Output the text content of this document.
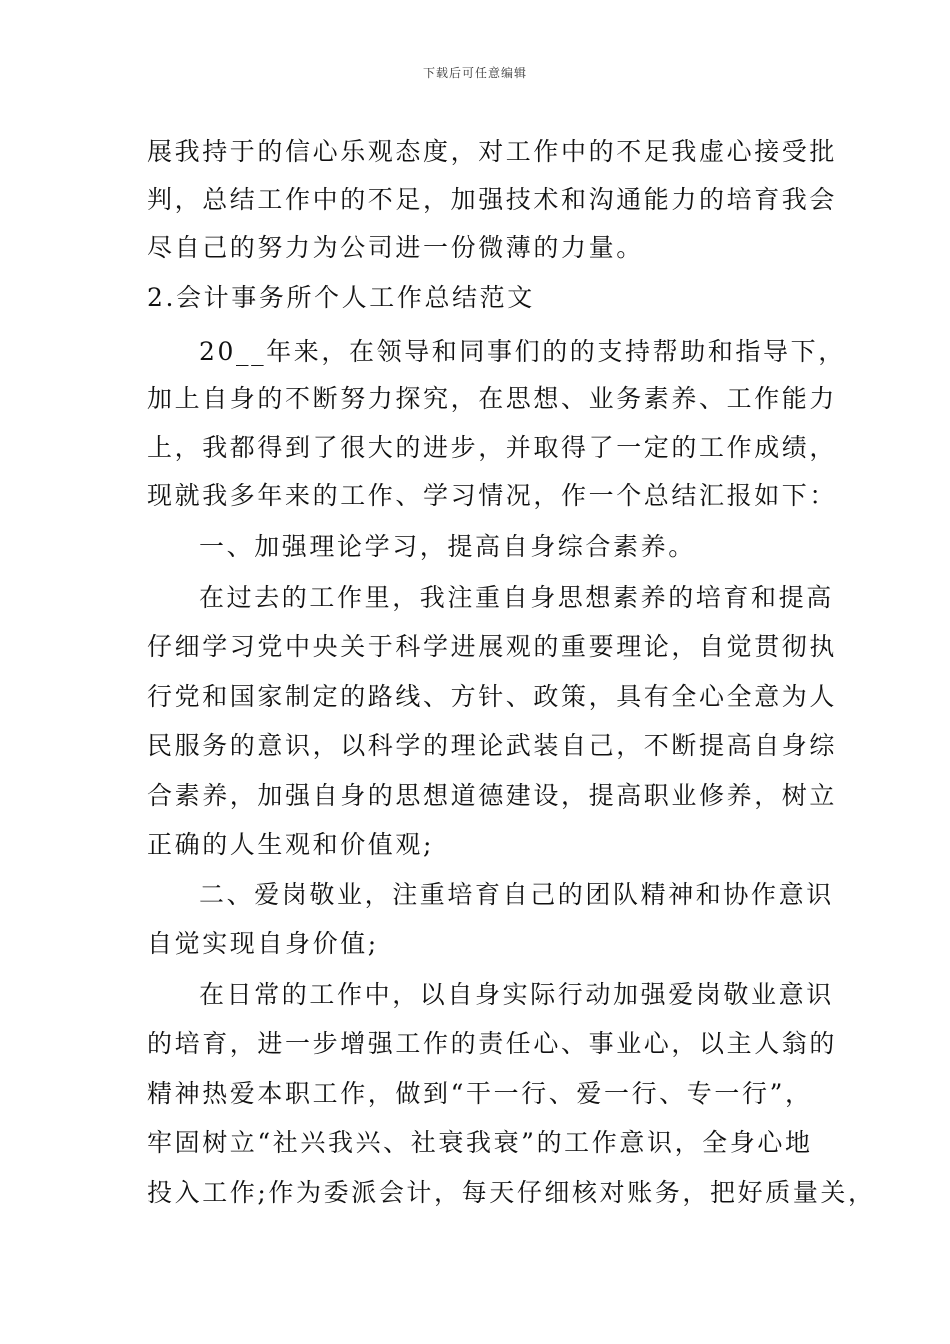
下载后可任意编辑
展我持于的信心乐观态度，对工作中的不足我虚心接受批
判，总结工作中的不足，加强技术和沟通能力的培育我会
尽自己的努力为公司进一份微薄的力量。
2.会计事务所个人工作总结范文
20__年来，在领导和同事们的的支持帮助和指导下，
加上自身的不断努力探究，在思想、业务素养、工作能力
上，我都得到了很大的进步，并取得了一定的工作成绩，
现就我多年来的工作、学习情况，作一个总结汇报如下：
一、加强理论学习，提高自身综合素养。
在过去的工作里，我注重自身思想素养的培育和提高
仔细学习党中央关于科学进展观的重要理论，自觉贯彻执
行党和国家制定的路线、方针、政策，具有全心全意为人
民服务的意识，以科学的理论武装自己，不断提高自身综
合素养，加强自身的思想道德建设，提高职业修养，树立
正确的人生观和价值观;
二、爱岗敬业，注重培育自己的团队精神和协作意识
自觉实现自身价值;
在日常的工作中，以自身实际行动加强爱岗敬业意识
的培育，进一步增强工作的责任心、事业心，以主人翁的
精神热爱本职工作，做到“干一行、爱一行、专一行”，
牢固树立“社兴我兴、社衰我衰”的工作意识，全身心地
投入工作;作为委派会计，每天仔细核对账务，把好质量关，
